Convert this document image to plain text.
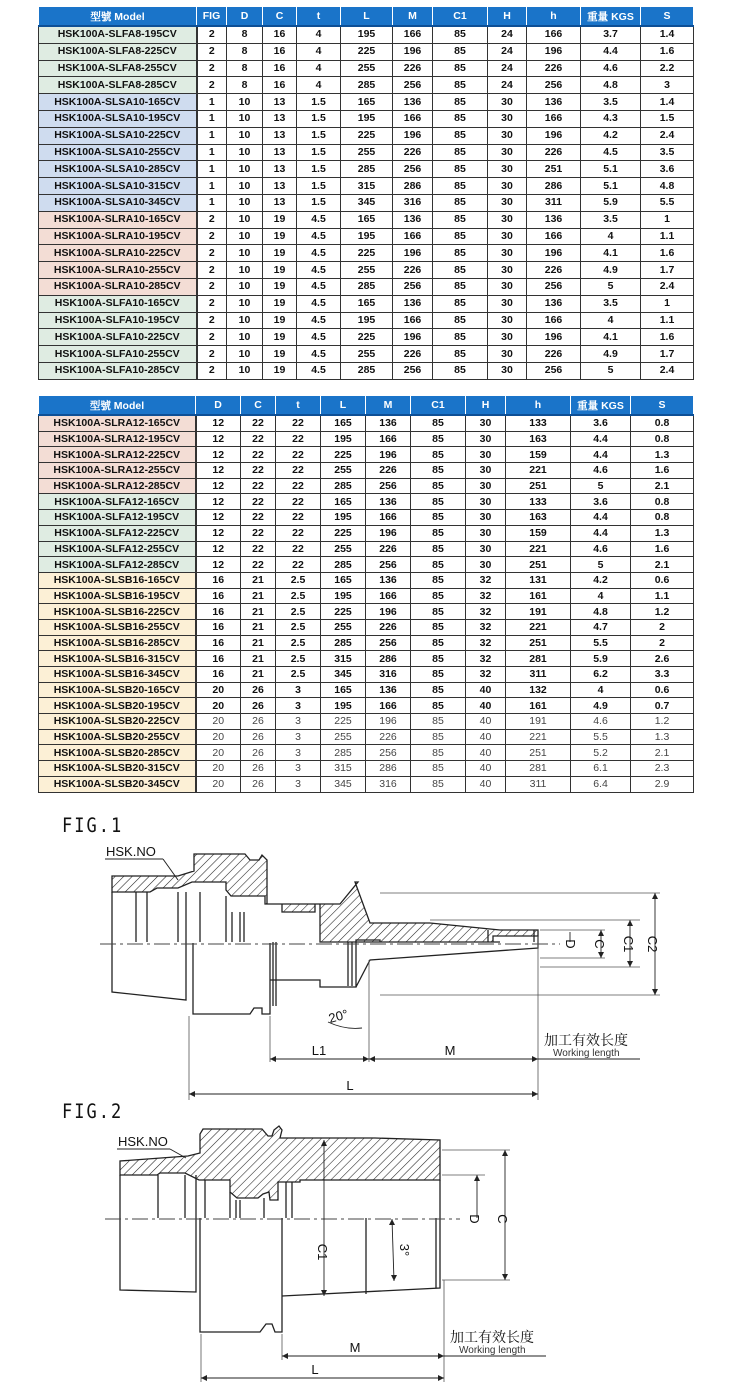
型號 Model	FIG	D	C	t	L	M	C1	H	h	重量 KGS	S
HSK100A-SLFA8-195CV	2	8	16	4	195	166	85	24	166	3.7	1.4
HSK100A-SLFA8-225CV	2	8	16	4	225	196	85	24	196	4.4	1.6
HSK100A-SLFA8-255CV	2	8	16	4	255	226	85	24	226	4.6	2.2
HSK100A-SLFA8-285CV	2	8	16	4	285	256	85	24	256	4.8	3
HSK100A-SLSA10-165CV	1	10	13	1.5	165	136	85	30	136	3.5	1.4
HSK100A-SLSA10-195CV	1	10	13	1.5	195	166	85	30	166	4.3	1.5
HSK100A-SLSA10-225CV	1	10	13	1.5	225	196	85	30	196	4.2	2.4
HSK100A-SLSA10-255CV	1	10	13	1.5	255	226	85	30	226	4.5	3.5
HSK100A-SLSA10-285CV	1	10	13	1.5	285	256	85	30	251	5.1	3.6
HSK100A-SLSA10-315CV	1	10	13	1.5	315	286	85	30	286	5.1	4.8
HSK100A-SLSA10-345CV	1	10	13	1.5	345	316	85	30	311	5.9	5.5
HSK100A-SLRA10-165CV	2	10	19	4.5	165	136	85	30	136	3.5	1
HSK100A-SLRA10-195CV	2	10	19	4.5	195	166	85	30	166	4	1.1
HSK100A-SLRA10-225CV	2	10	19	4.5	225	196	85	30	196	4.1	1.6
HSK100A-SLRA10-255CV	2	10	19	4.5	255	226	85	30	226	4.9	1.7
HSK100A-SLRA10-285CV	2	10	19	4.5	285	256	85	30	256	5	2.4
HSK100A-SLFA10-165CV	2	10	19	4.5	165	136	85	30	136	3.5	1
HSK100A-SLFA10-195CV	2	10	19	4.5	195	166	85	30	166	4	1.1
HSK100A-SLFA10-225CV	2	10	19	4.5	225	196	85	30	196	4.1	1.6
HSK100A-SLFA10-255CV	2	10	19	4.5	255	226	85	30	226	4.9	1.7
HSK100A-SLFA10-285CV	2	10	19	4.5	285	256	85	30	256	5	2.4
型號 Model	D	C	t	L	M	C1	H	h	重量 KGS	S
HSK100A-SLRA12-165CV	12	22	22	165	136	85	30	133	3.6	0.8
HSK100A-SLRA12-195CV	12	22	22	195	166	85	30	163	4.4	0.8
HSK100A-SLRA12-225CV	12	22	22	225	196	85	30	159	4.4	1.3
HSK100A-SLRA12-255CV	12	22	22	255	226	85	30	221	4.6	1.6
HSK100A-SLRA12-285CV	12	22	22	285	256	85	30	251	5	2.1
HSK100A-SLFA12-165CV	12	22	22	165	136	85	30	133	3.6	0.8
HSK100A-SLFA12-195CV	12	22	22	195	166	85	30	163	4.4	0.8
HSK100A-SLFA12-225CV	12	22	22	225	196	85	30	159	4.4	1.3
HSK100A-SLFA12-255CV	12	22	22	255	226	85	30	221	4.6	1.6
HSK100A-SLFA12-285CV	12	22	22	285	256	85	30	251	5	2.1
HSK100A-SLSB16-165CV	16	21	2.5	165	136	85	32	131	4.2	0.6
HSK100A-SLSB16-195CV	16	21	2.5	195	166	85	32	161	4	1.1
HSK100A-SLSB16-225CV	16	21	2.5	225	196	85	32	191	4.8	1.2
HSK100A-SLSB16-255CV	16	21	2.5	255	226	85	32	221	4.7	2
HSK100A-SLSB16-285CV	16	21	2.5	285	256	85	32	251	5.5	2
HSK100A-SLSB16-315CV	16	21	2.5	315	286	85	32	281	5.9	2.6
HSK100A-SLSB16-345CV	16	21	2.5	345	316	85	32	311	6.2	3.3
HSK100A-SLSB20-165CV	20	26	3	165	136	85	40	132	4	0.6
HSK100A-SLSB20-195CV	20	26	3	195	166	85	40	161	4.9	0.7
HSK100A-SLSB20-225CV	20	26	3	225	196	85	40	191	4.6	1.2
HSK100A-SLSB20-255CV	20	26	3	255	226	85	40	221	5.5	1.3
HSK100A-SLSB20-285CV	20	26	3	285	256	85	40	251	5.2	2.1
HSK100A-SLSB20-315CV	20	26	3	315	286	85	40	281	6.1	2.3
HSK100A-SLSB20-345CV	20	26	3	345	316	85	40	311	6.4	2.9
FIG.1
HSK.NO
D C C1 C2
L1	M
L
20°
加工有效长度
Working length
FIG.2
HSK.NO
C1	3°
D C
M
L
加工有效长度
Working length
